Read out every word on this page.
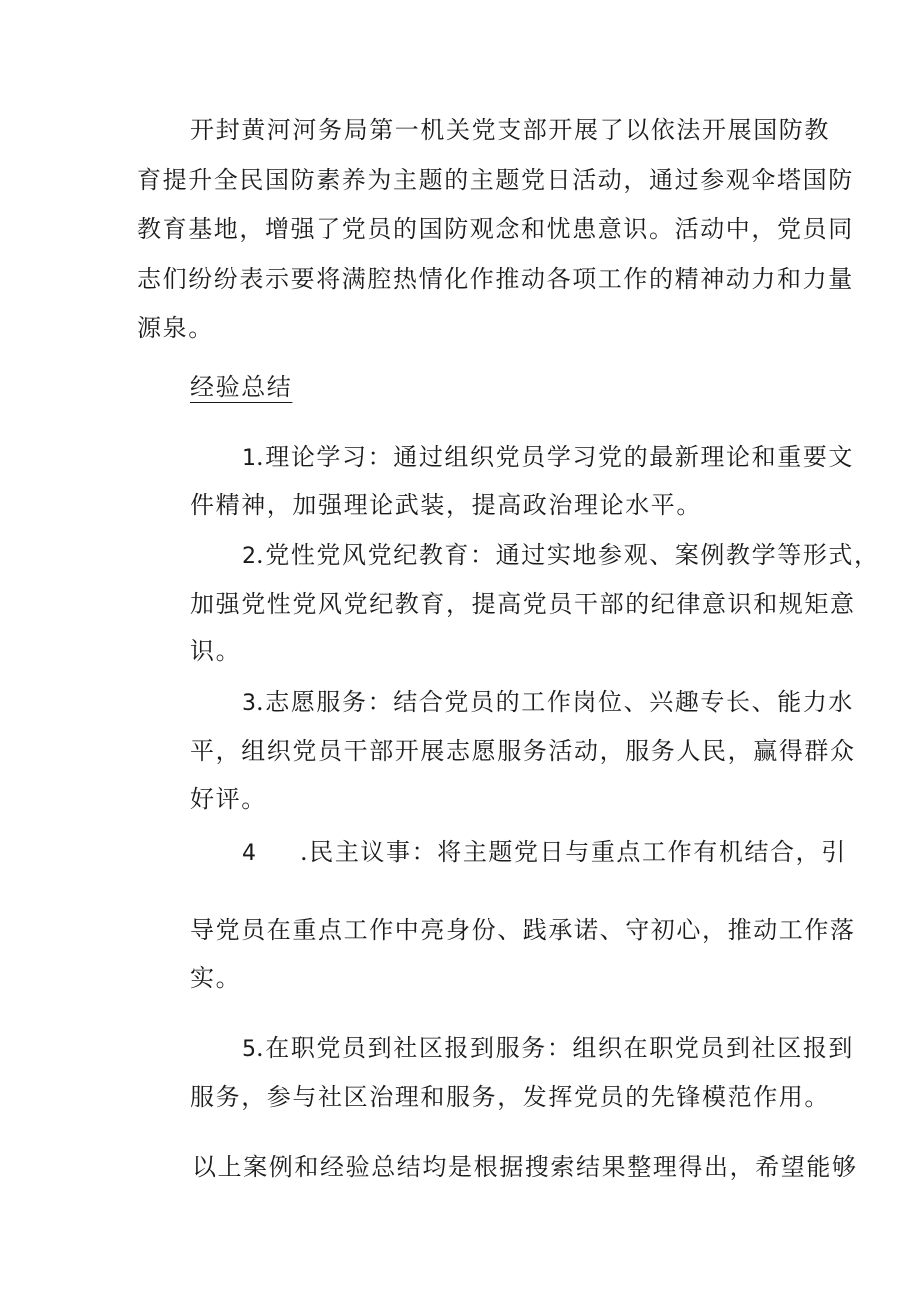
开封黄河河务局第一机关党支部开展了以依法开展国防教
育提升全民国防素养为主题的主题党日活动，通过参观伞塔国防
教育基地，增强了党员的国防观念和忧患意识。活动中，党员同
志们纷纷表示要将满腔热情化作推动各项工作的精神动力和力量
源泉。
经验总结
1.理论学习：通过组织党员学习党的最新理论和重要文
件精神，加强理论武装，提高政治理论水平。
2.党性党风党纪教育：通过实地参观、案例教学等形式，
加强党性党风党纪教育，提高党员干部的纪律意识和规矩意
识。
3.志愿服务：结合党员的工作岗位、兴趣专长、能力水
平，组织党员干部开展志愿服务活动，服务人民，赢得群众
好评。
4 .民主议事：将主题党日与重点工作有机结合，引
导党员在重点工作中亮身份、践承诺、守初心，推动工作落
实。
5.在职党员到社区报到服务：组织在职党员到社区报到
服务，参与社区治理和服务，发挥党员的先锋模范作用。
以上案例和经验总结均是根据搜索结果整理得出，希望能够
